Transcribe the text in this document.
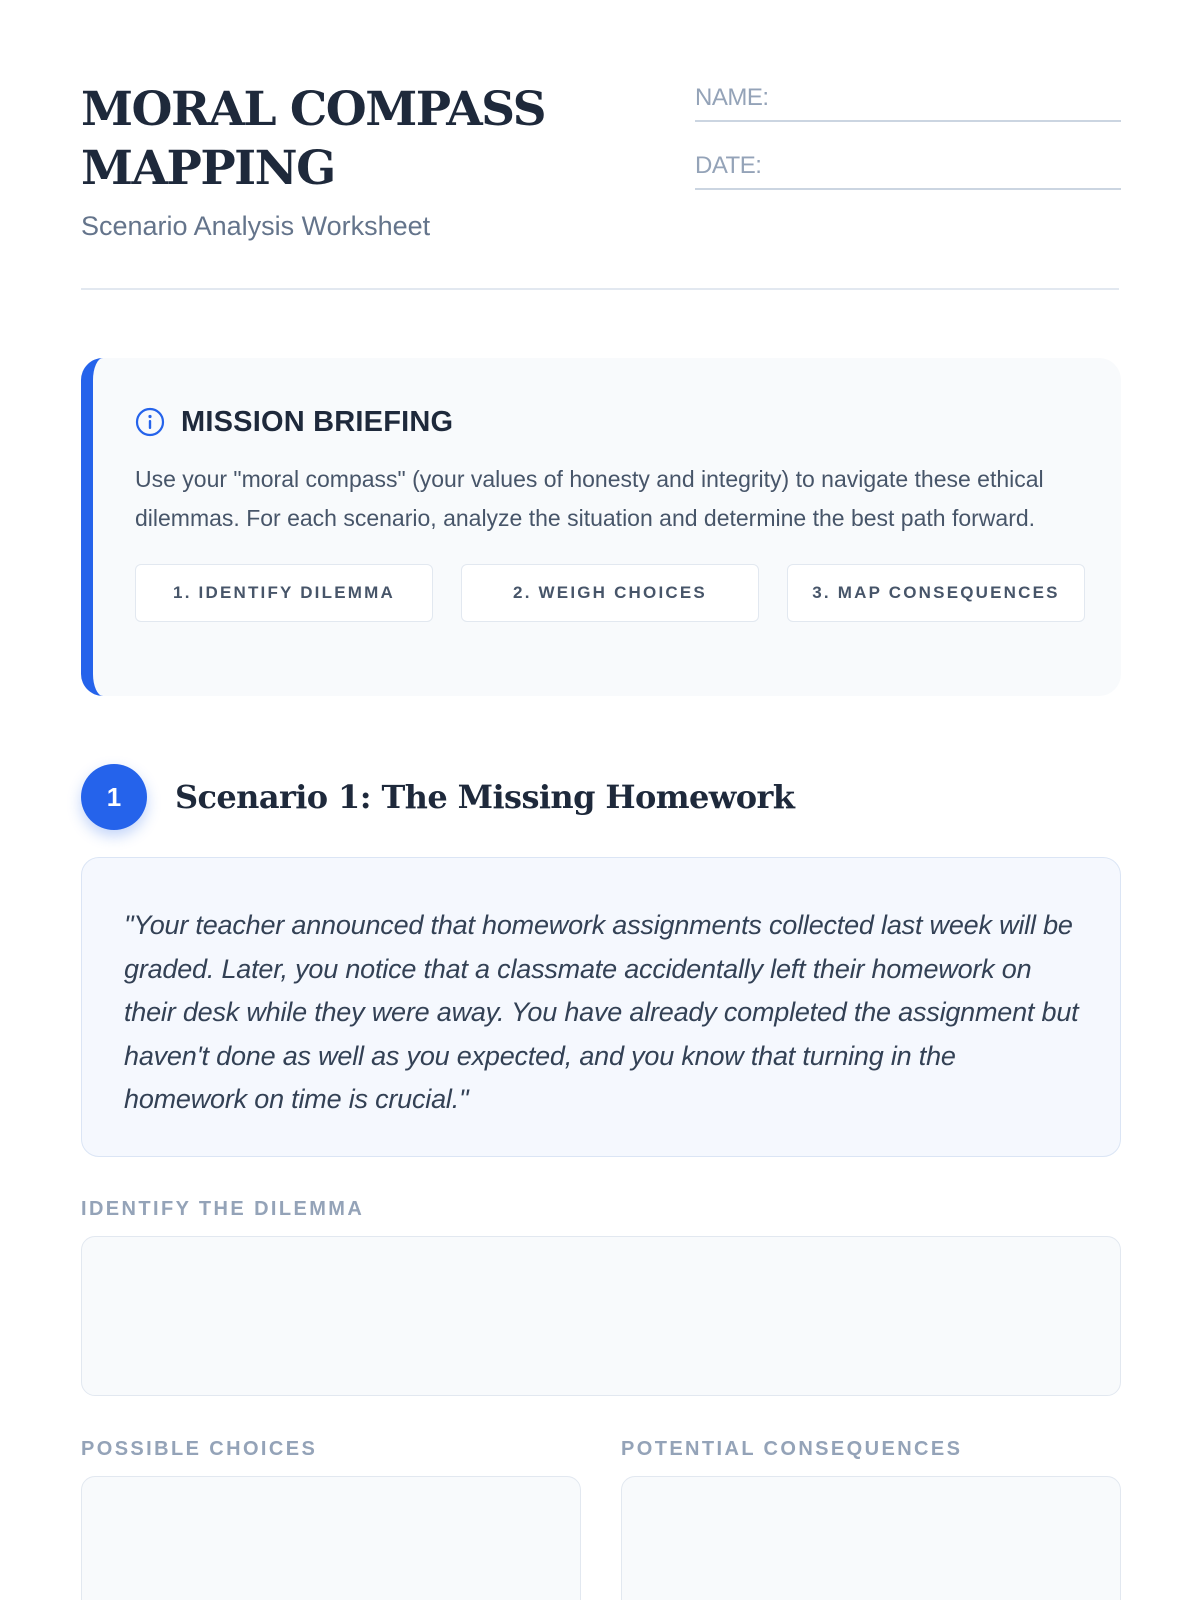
MORAL COMPASS MAPPING
Scenario Analysis Worksheet
NAME:
DATE:
MISSION BRIEFING

Use your "moral compass" (your values of honesty and integrity) to navigate these ethical dilemmas. For each scenario, analyze the situation and determine the best path forward.

1. IDENTIFY DILEMMA	2. WEIGH CHOICES	3. MAP CONSEQUENCES
1	Scenario 1: The Missing Homework

"Your teacher announced that homework assignments collected last week will be graded. Later, you notice that a classmate accidentally left their homework on their desk while they were away. You have already completed the assignment but haven't done as well as you expected, and you know that turning in the homework on time is crucial."

IDENTIFY THE DILEMMA
POSSIBLE CHOICES	POTENTIAL CONSEQUENCES
